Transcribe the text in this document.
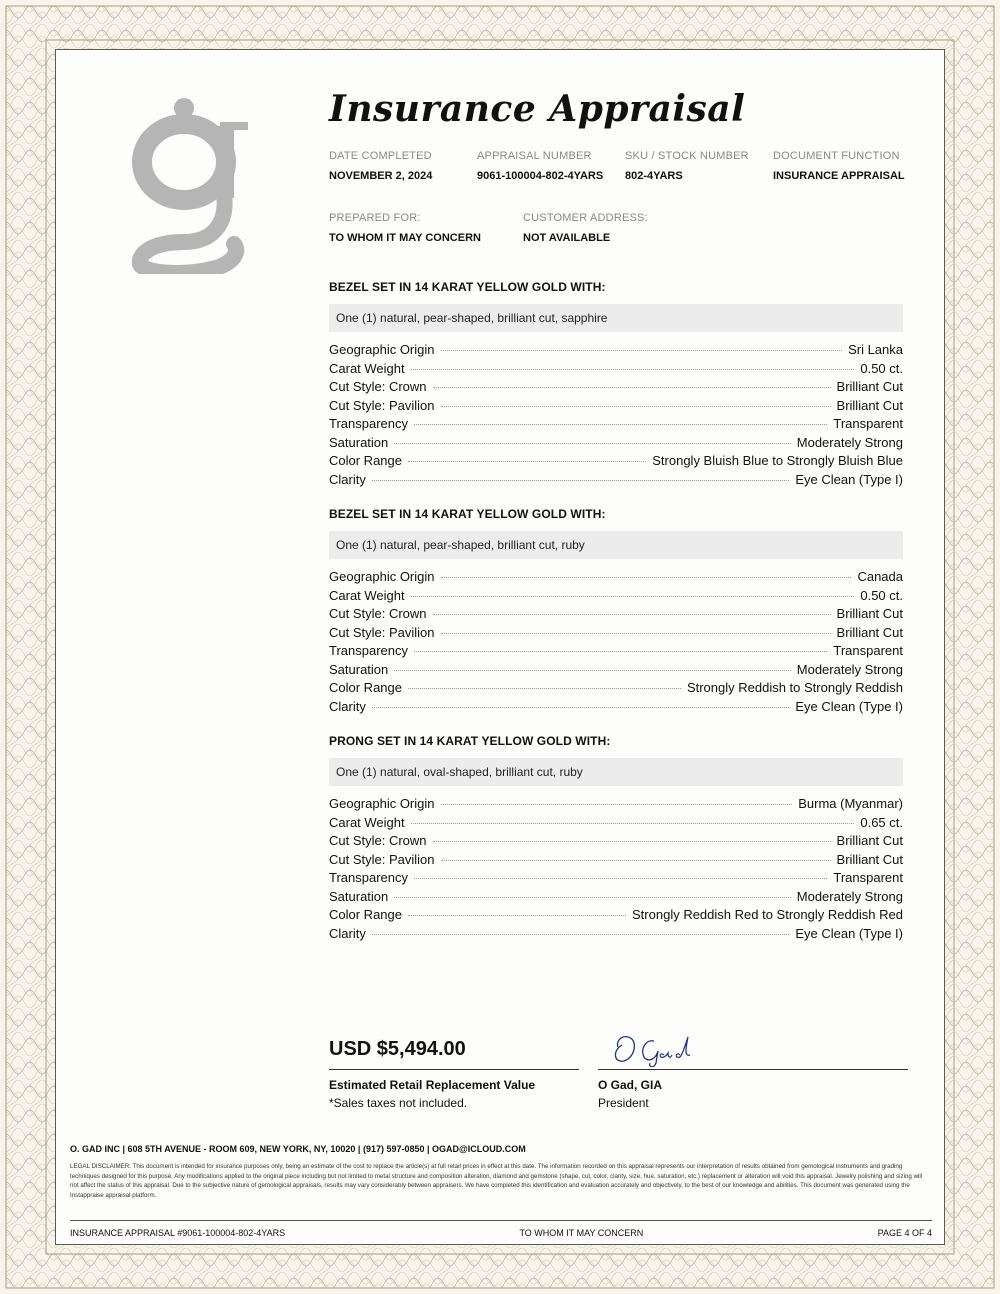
Insurance Appraisal
DATE COMPLETED
NOVEMBER 2, 2024
APPRAISAL NUMBER
9061-100004-802-4YARS
SKU / STOCK NUMBER
802-4YARS
DOCUMENT FUNCTION
INSURANCE APPRAISAL
PREPARED FOR:
TO WHOM IT MAY CONCERN
CUSTOMER ADDRESS:
NOT AVAILABLE
BEZEL SET IN 14 KARAT YELLOW GOLD WITH:
One (1) natural, pear-shaped, brilliant cut, sapphire
Geographic Origin	Sri Lanka
Carat Weight	0.50 ct.
Cut Style: Crown	Brilliant Cut
Cut Style: Pavilion	Brilliant Cut
Transparency	Transparent
Saturation	Moderately Strong
Color Range	Strongly Bluish Blue to Strongly Bluish Blue
Clarity	Eye Clean (Type I)
BEZEL SET IN 14 KARAT YELLOW GOLD WITH:
One (1) natural, pear-shaped, brilliant cut, ruby
Geographic Origin	Canada
Carat Weight	0.50 ct.
Cut Style: Crown	Brilliant Cut
Cut Style: Pavilion	Brilliant Cut
Transparency	Transparent
Saturation	Moderately Strong
Color Range	Strongly Reddish to Strongly Reddish
Clarity	Eye Clean (Type I)
PRONG SET IN 14 KARAT YELLOW GOLD WITH:
One (1) natural, oval-shaped, brilliant cut, ruby
Geographic Origin	Burma (Myanmar)
Carat Weight	0.65 ct.
Cut Style: Crown	Brilliant Cut
Cut Style: Pavilion	Brilliant Cut
Transparency	Transparent
Saturation	Moderately Strong
Color Range	Strongly Reddish Red to Strongly Reddish Red
Clarity	Eye Clean (Type I)
USD $5,494.00
Estimated Retail Replacement Value
*Sales taxes not included.
O Gad, GIA
President
O. GAD INC | 608 5TH AVENUE - ROOM 609, NEW YORK, NY, 10020 | (917) 597-0850 | OGAD@ICLOUD.COM
LEGAL DISCLAIMER: This document is intended for insurance purposes only, being an estimate of the cost to replace the article(s) at full retail prices in effect at this date. The information recorded on this appraisal represents our interpretation of results obtained from gemological instruments and grading techniques designed for this purpose. Any modifications applied to the original piece including but not limited to metal structure and composition alteration, diamond and gemstone (shape, cut, color, clarity, size, hue, saturation, etc.) replacement or alteration will void this appraisal. Jewelry polishing and sizing will not affect the status of this appraisal. Due to the subjective nature of gemological appraisals, results may vary considerably between appraisers. We have completed this identification and evaluation accurately and objectively, to the best of our knowledge and abilities. This document was generated using the Instappraise appraisal platform.
INSURANCE APPRAISAL #9061-100004-802-4YARS	TO WHOM IT MAY CONCERN	PAGE 4 OF 4
